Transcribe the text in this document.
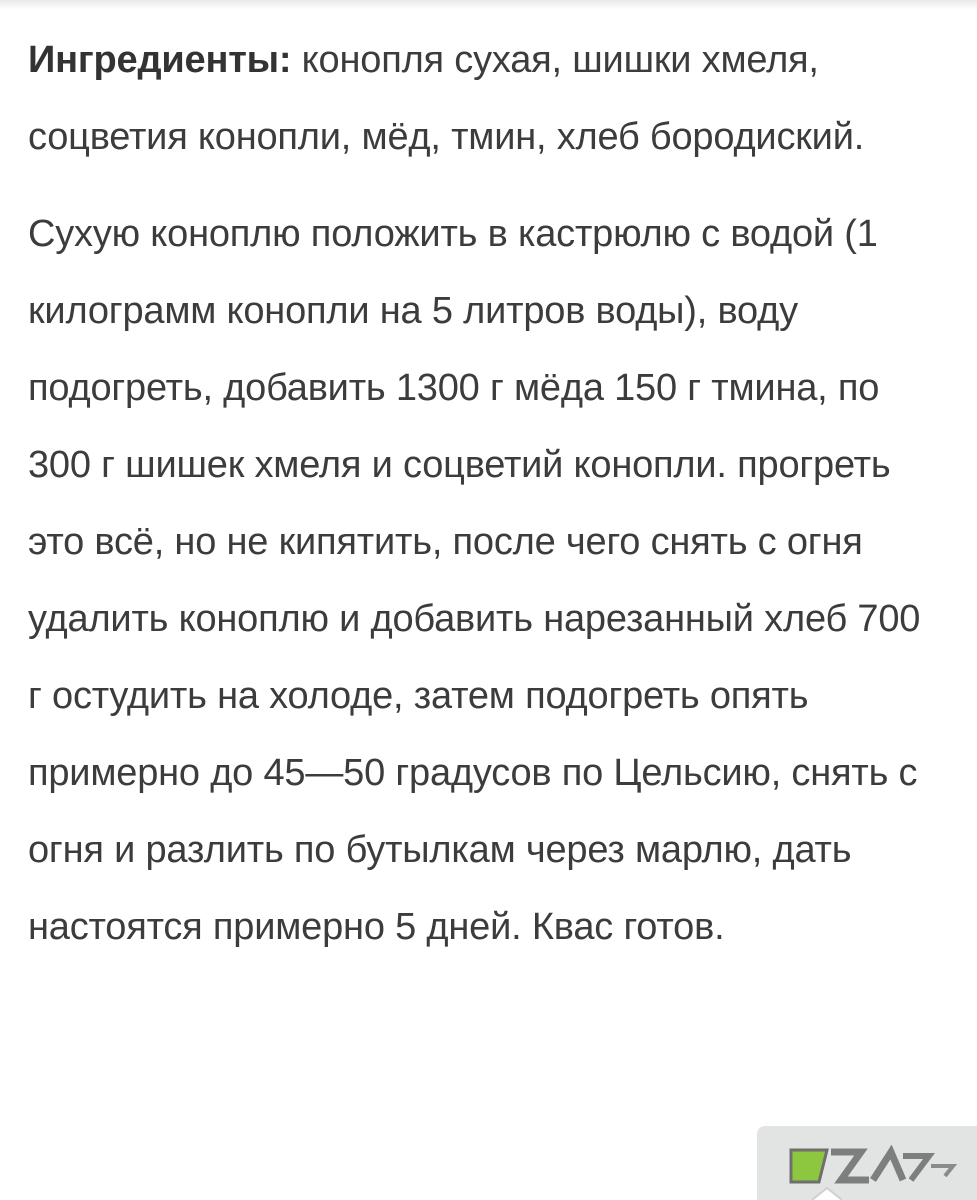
Ингредиенты: конопля сухая, шишки хмеля, соцветия конопли, мёд, тмин, хлеб бородиский.

Сухую коноплю положить в кастрюлю с водой (1 килограмм конопли на 5 литров воды), воду подогреть, добавить 1300 г мёда 150 г тмина, по 300 г шишек хмеля и соцветий конопли. прогреть это всё, но не кипятить, после чего снять с огня удалить коноплю и добавить нарезанный хлеб 700 г остудить на холоде, затем подогреть опять примерно до 45—50 градусов по Цельсию, снять с огня и разлить по бутылкам через марлю, дать настоятся примерно 5 дней. Квас готов.
